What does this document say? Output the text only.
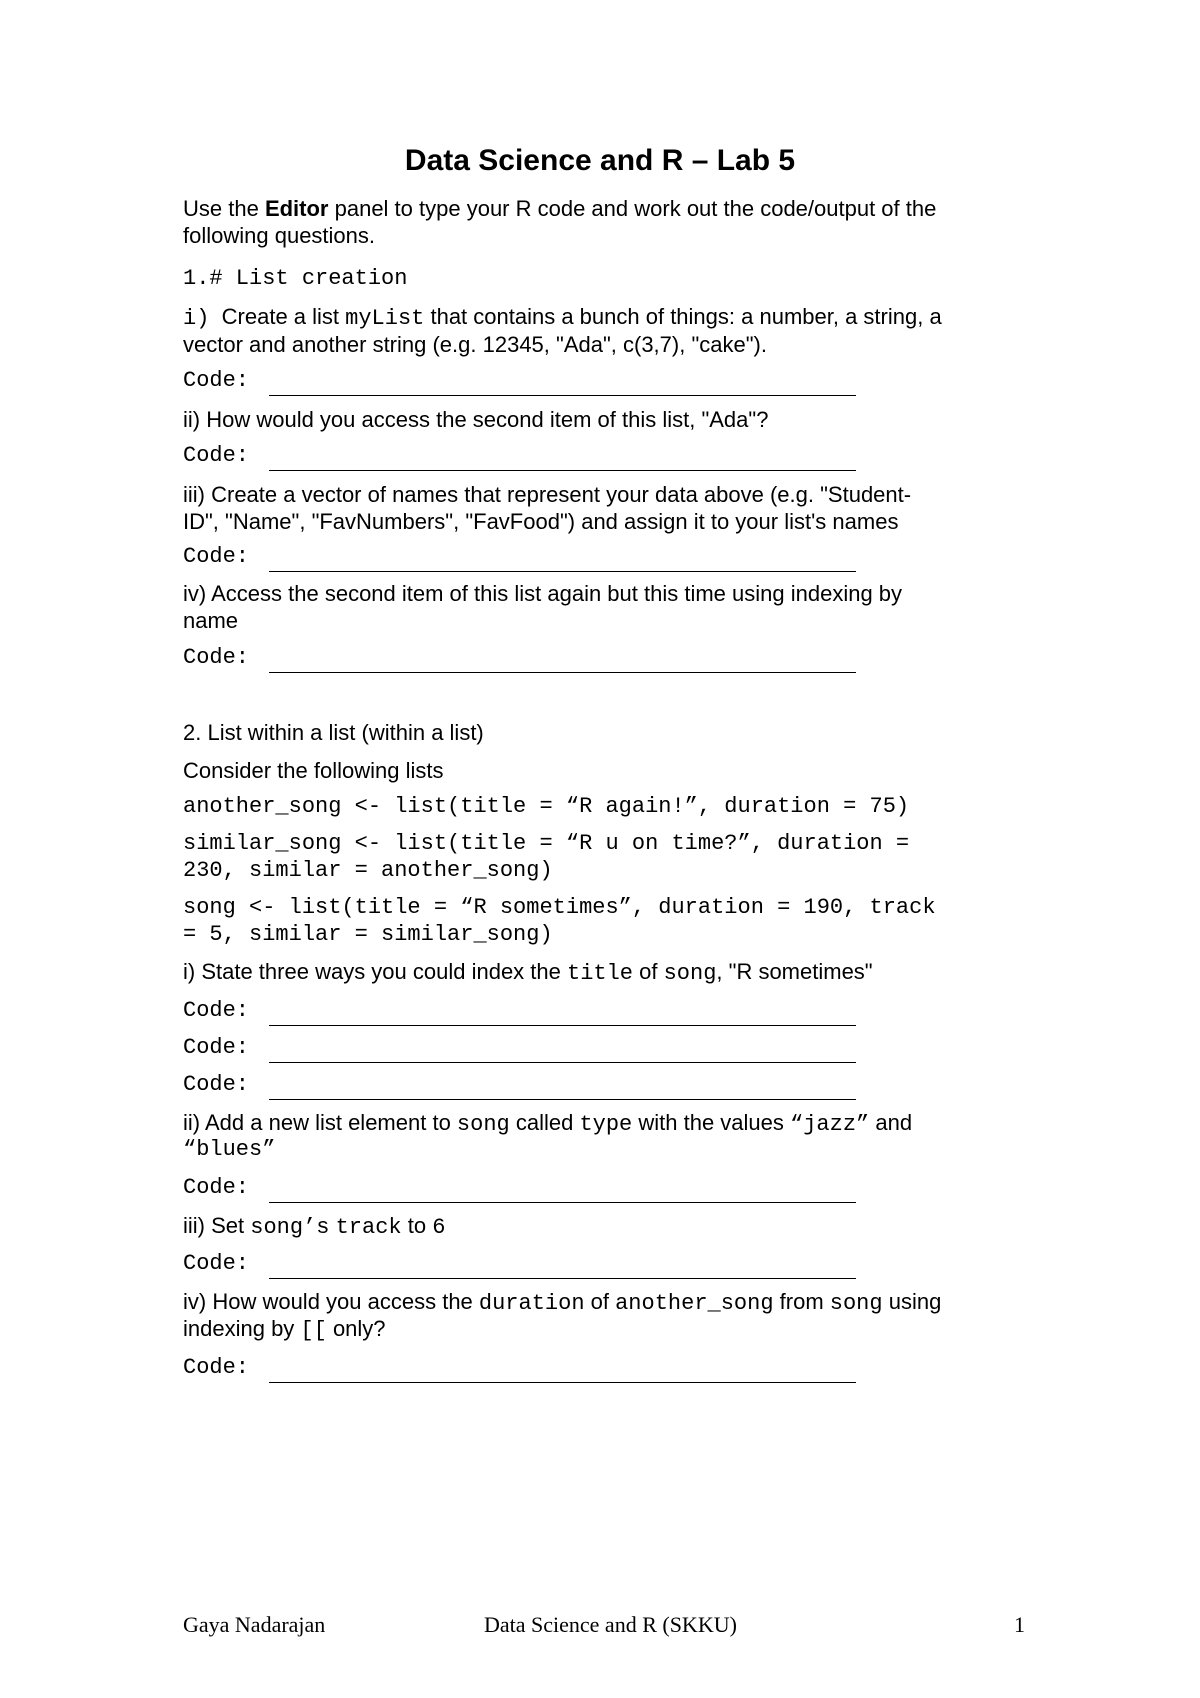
Data Science and R – Lab 5
Use the Editor panel to type your R code and work out the code/output of the
following questions.
1.# List creation
i) Create a list myList that contains a bunch of things: a number, a string, a
vector and another string (e.g. 12345, "Ada", c(3,7), "cake").
Code:
ii) How would you access the second item of this list, "Ada"?
Code:
iii) Create a vector of names that represent your data above (e.g. "Student-
ID", "Name", "FavNumbers", "FavFood") and assign it to your list's names
Code:
iv) Access the second item of this list again but this time using indexing by
name
Code:
2. List within a list (within a list)
Consider the following lists
another_song <- list(title = “R again!”, duration = 75)
similar_song <- list(title = “R u on time?”, duration =
230, similar = another_song)
song <- list(title = “R sometimes”, duration = 190, track
= 5, similar = similar_song)
i) State three ways you could index the title of song, "R sometimes"
Code:
Code:
Code:
ii) Add a new list element to song called type with the values “jazz” and
“blues”
Code:
iii) Set song’s track to 6
Code:
iv) How would you access the duration of another_song from song using
indexing by [[ only?
Code:
Gaya Nadarajan	Data Science and R (SKKU)	1
